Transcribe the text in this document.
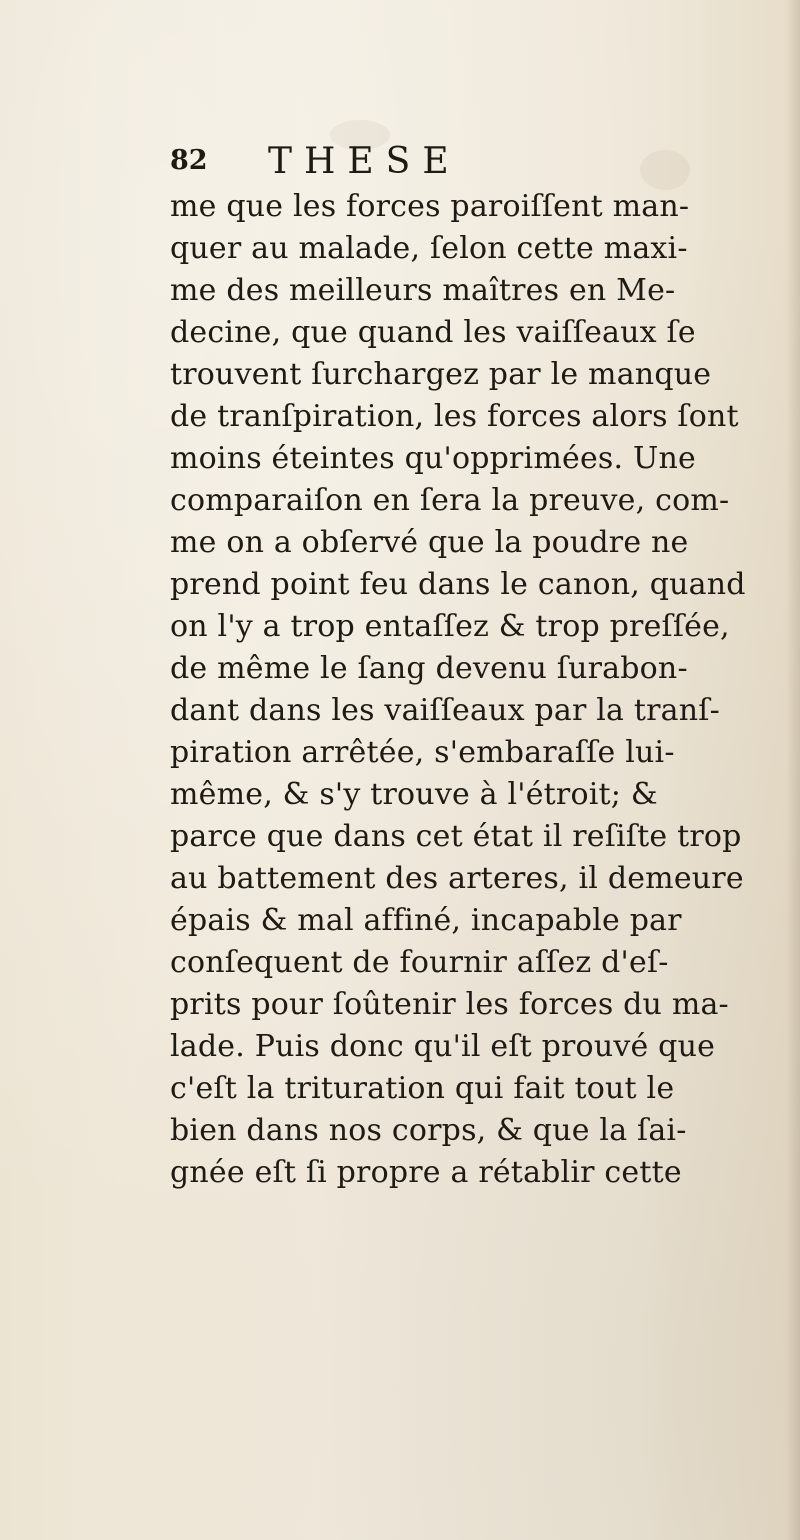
82 THESE
me que les forces paroiſſent man-
quer au malade, ſelon cette maxi-
me des meilleurs maîtres en Me-
decine, que quand les vaiſſeaux ſe
trouvent ſurchargez par le manque
de tranſpiration, les forces alors ſont
moins éteintes qu'opprimées. Une
comparaiſon en ſera la preuve, com-
me on a obſervé que la poudre ne
prend point feu dans le canon, quand
on l'y a trop entaſſez & trop preſſée,
de même le ſang devenu ſurabon-
dant dans les vaiſſeaux par la tranſ-
piration arrêtée, s'embaraſſe lui-
même, & s'y trouve à l'étroit; &
parce que dans cet état il reſiſte trop
au battement des arteres, il demeure
épais & mal affiné, incapable par
conſequent de fournir aſſez d'eſ-
prits pour ſoûtenir les forces du ma-
lade. Puis donc qu'il eſt prouvé que
c'eſt la trituration qui fait tout le
bien dans nos corps, & que la ſai-
gnée eſt ſi propre a rétablir cette
